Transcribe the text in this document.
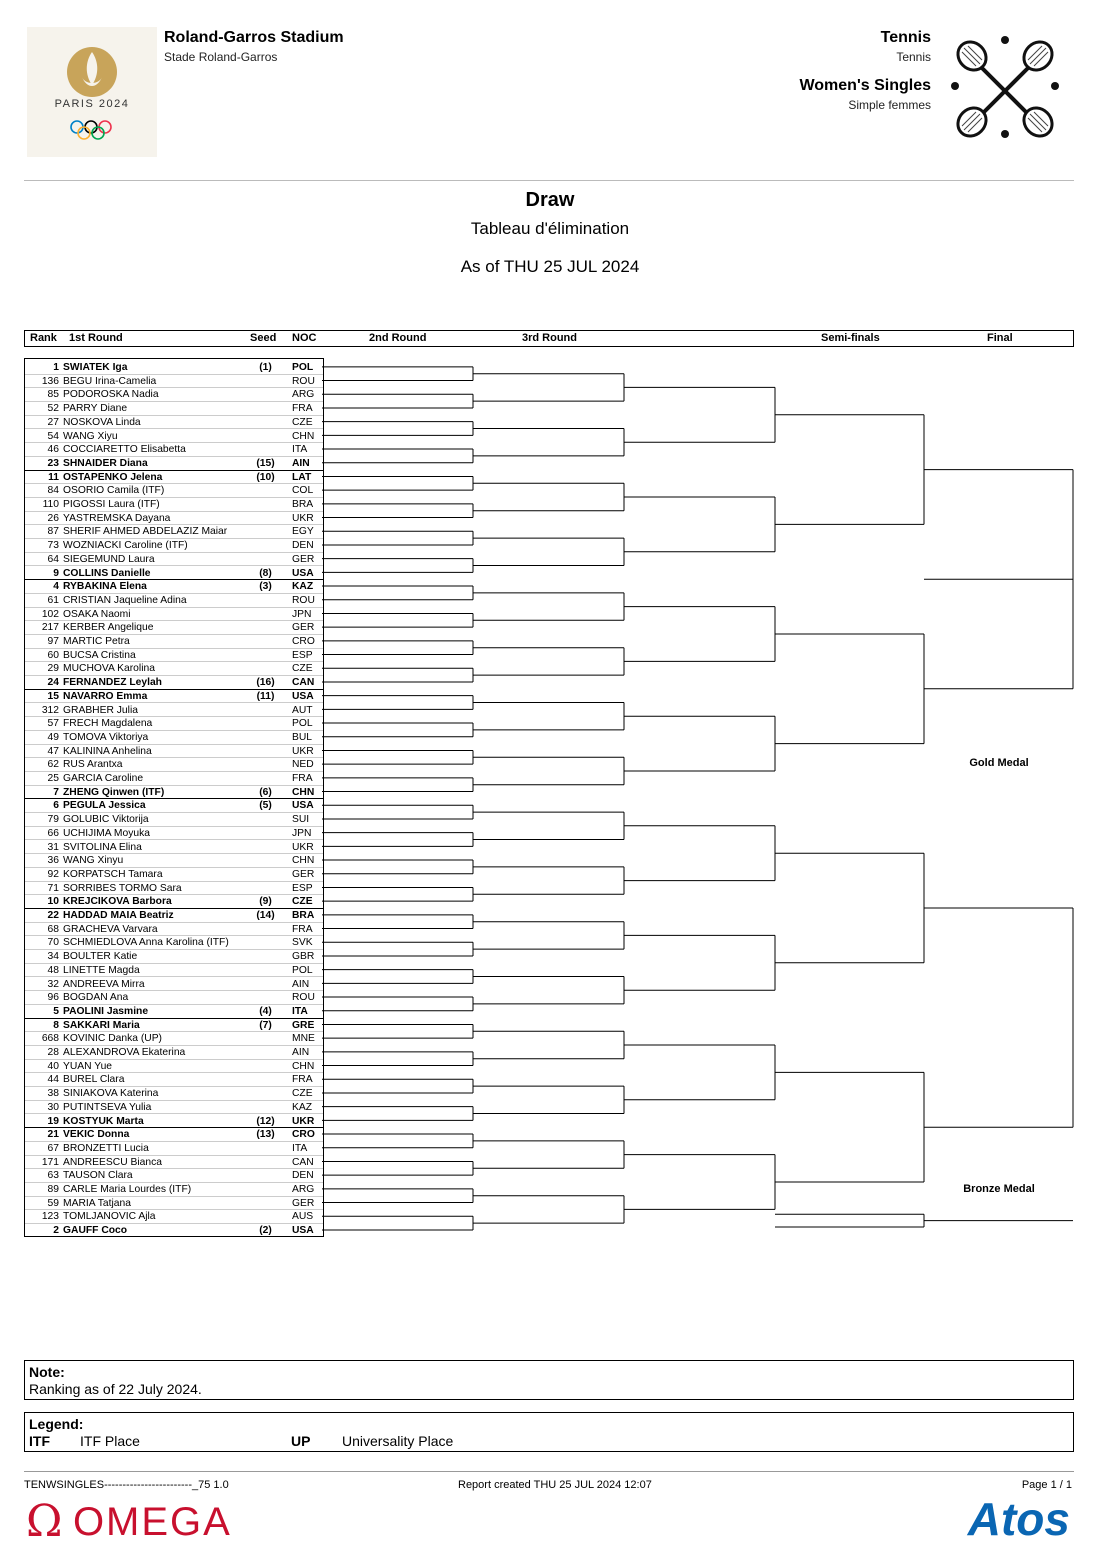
PARIS 2024
Roland-Garros Stadium
Stade Roland-Garros
Tennis
Tennis
Women's Singles
Simple femmes
Draw
Tableau d'élimination
As of THU 25 JUL 2024
Rank 1st Round	Seed NOC	2nd Round	3rd Round	Semi-finals	Final
1 SWIATEK Iga	(1)	POL
136 BEGU Irina-Camelia	ROU
85 PODOROSKA Nadia	ARG
52 PARRY Diane	FRA
27 NOSKOVA Linda	CZE
54 WANG Xiyu	CHN
46 COCCIARETTO Elisabetta	ITA
23 SHNAIDER Diana	(15)	AIN
11 OSTAPENKO Jelena	(10)	LAT
84 OSORIO Camila (ITF)	COL
110 PIGOSSI Laura (ITF)	BRA
26 YASTREMSKA Dayana	UKR
87 SHERIF AHMED ABDELAZIZ Maiar	EGY
73 WOZNIACKI Caroline (ITF)	DEN
64 SIEGEMUND Laura	GER
9 COLLINS Danielle	(8)	USA
4 RYBAKINA Elena	(3)	KAZ
61 CRISTIAN Jaqueline Adina	ROU
102 OSAKA Naomi	JPN
217 KERBER Angelique	GER
97 MARTIC Petra	CRO
60 BUCSA Cristina	ESP
29 MUCHOVA Karolina	CZE
24 FERNANDEZ Leylah	(16)	CAN
15 NAVARRO Emma	(11)	USA
312 GRABHER Julia	AUT
57 FRECH Magdalena	POL
49 TOMOVA Viktoriya	BUL
47 KALININA Anhelina	UKR
62 RUS Arantxa	NED
25 GARCIA Caroline	FRA
7 ZHENG Qinwen (ITF)	(6)	CHN
6 PEGULA Jessica	(5)	USA
79 GOLUBIC Viktorija	SUI
66 UCHIJIMA Moyuka	JPN
31 SVITOLINA Elina	UKR
36 WANG Xinyu	CHN
92 KORPATSCH Tamara	GER
71 SORRIBES TORMO Sara	ESP
10 KREJCIKOVA Barbora	(9)	CZE
22 HADDAD MAIA Beatriz	(14)	BRA
68 GRACHEVA Varvara	FRA
70 SCHMIEDLOVA Anna Karolina (ITF)	SVK
34 BOULTER Katie	GBR
48 LINETTE Magda	POL
32 ANDREEVA Mirra	AIN
96 BOGDAN Ana	ROU
5 PAOLINI Jasmine	(4)	ITA
8 SAKKARI Maria	(7)	GRE
668 KOVINIC Danka (UP)	MNE
28 ALEXANDROVA Ekaterina	AIN
40 YUAN Yue	CHN
44 BUREL Clara	FRA
38 SINIAKOVA Katerina	CZE
30 PUTINTSEVA Yulia	KAZ
19 KOSTYUK Marta	(12)	UKR
21 VEKIC Donna	(13)	CRO
67 BRONZETTI Lucia	ITA
171 ANDREESCU Bianca	CAN
63 TAUSON Clara	DEN
89 CARLE Maria Lourdes (ITF)	ARG
59 MARIA Tatjana	GER
123 TOMLJANOVIC Ajla	AUS
2 GAUFF Coco	(2)	USA
Gold Medal
Bronze Medal
Note:
Ranking as of 22 July 2024.
Legend:
ITF ITF Place	UP Universality Place
TENWSINGLES------------------------_75 1.0	Report created THU 25 JUL 2024 12:07	Page 1 / 1
Ω OMEGA	Atos
